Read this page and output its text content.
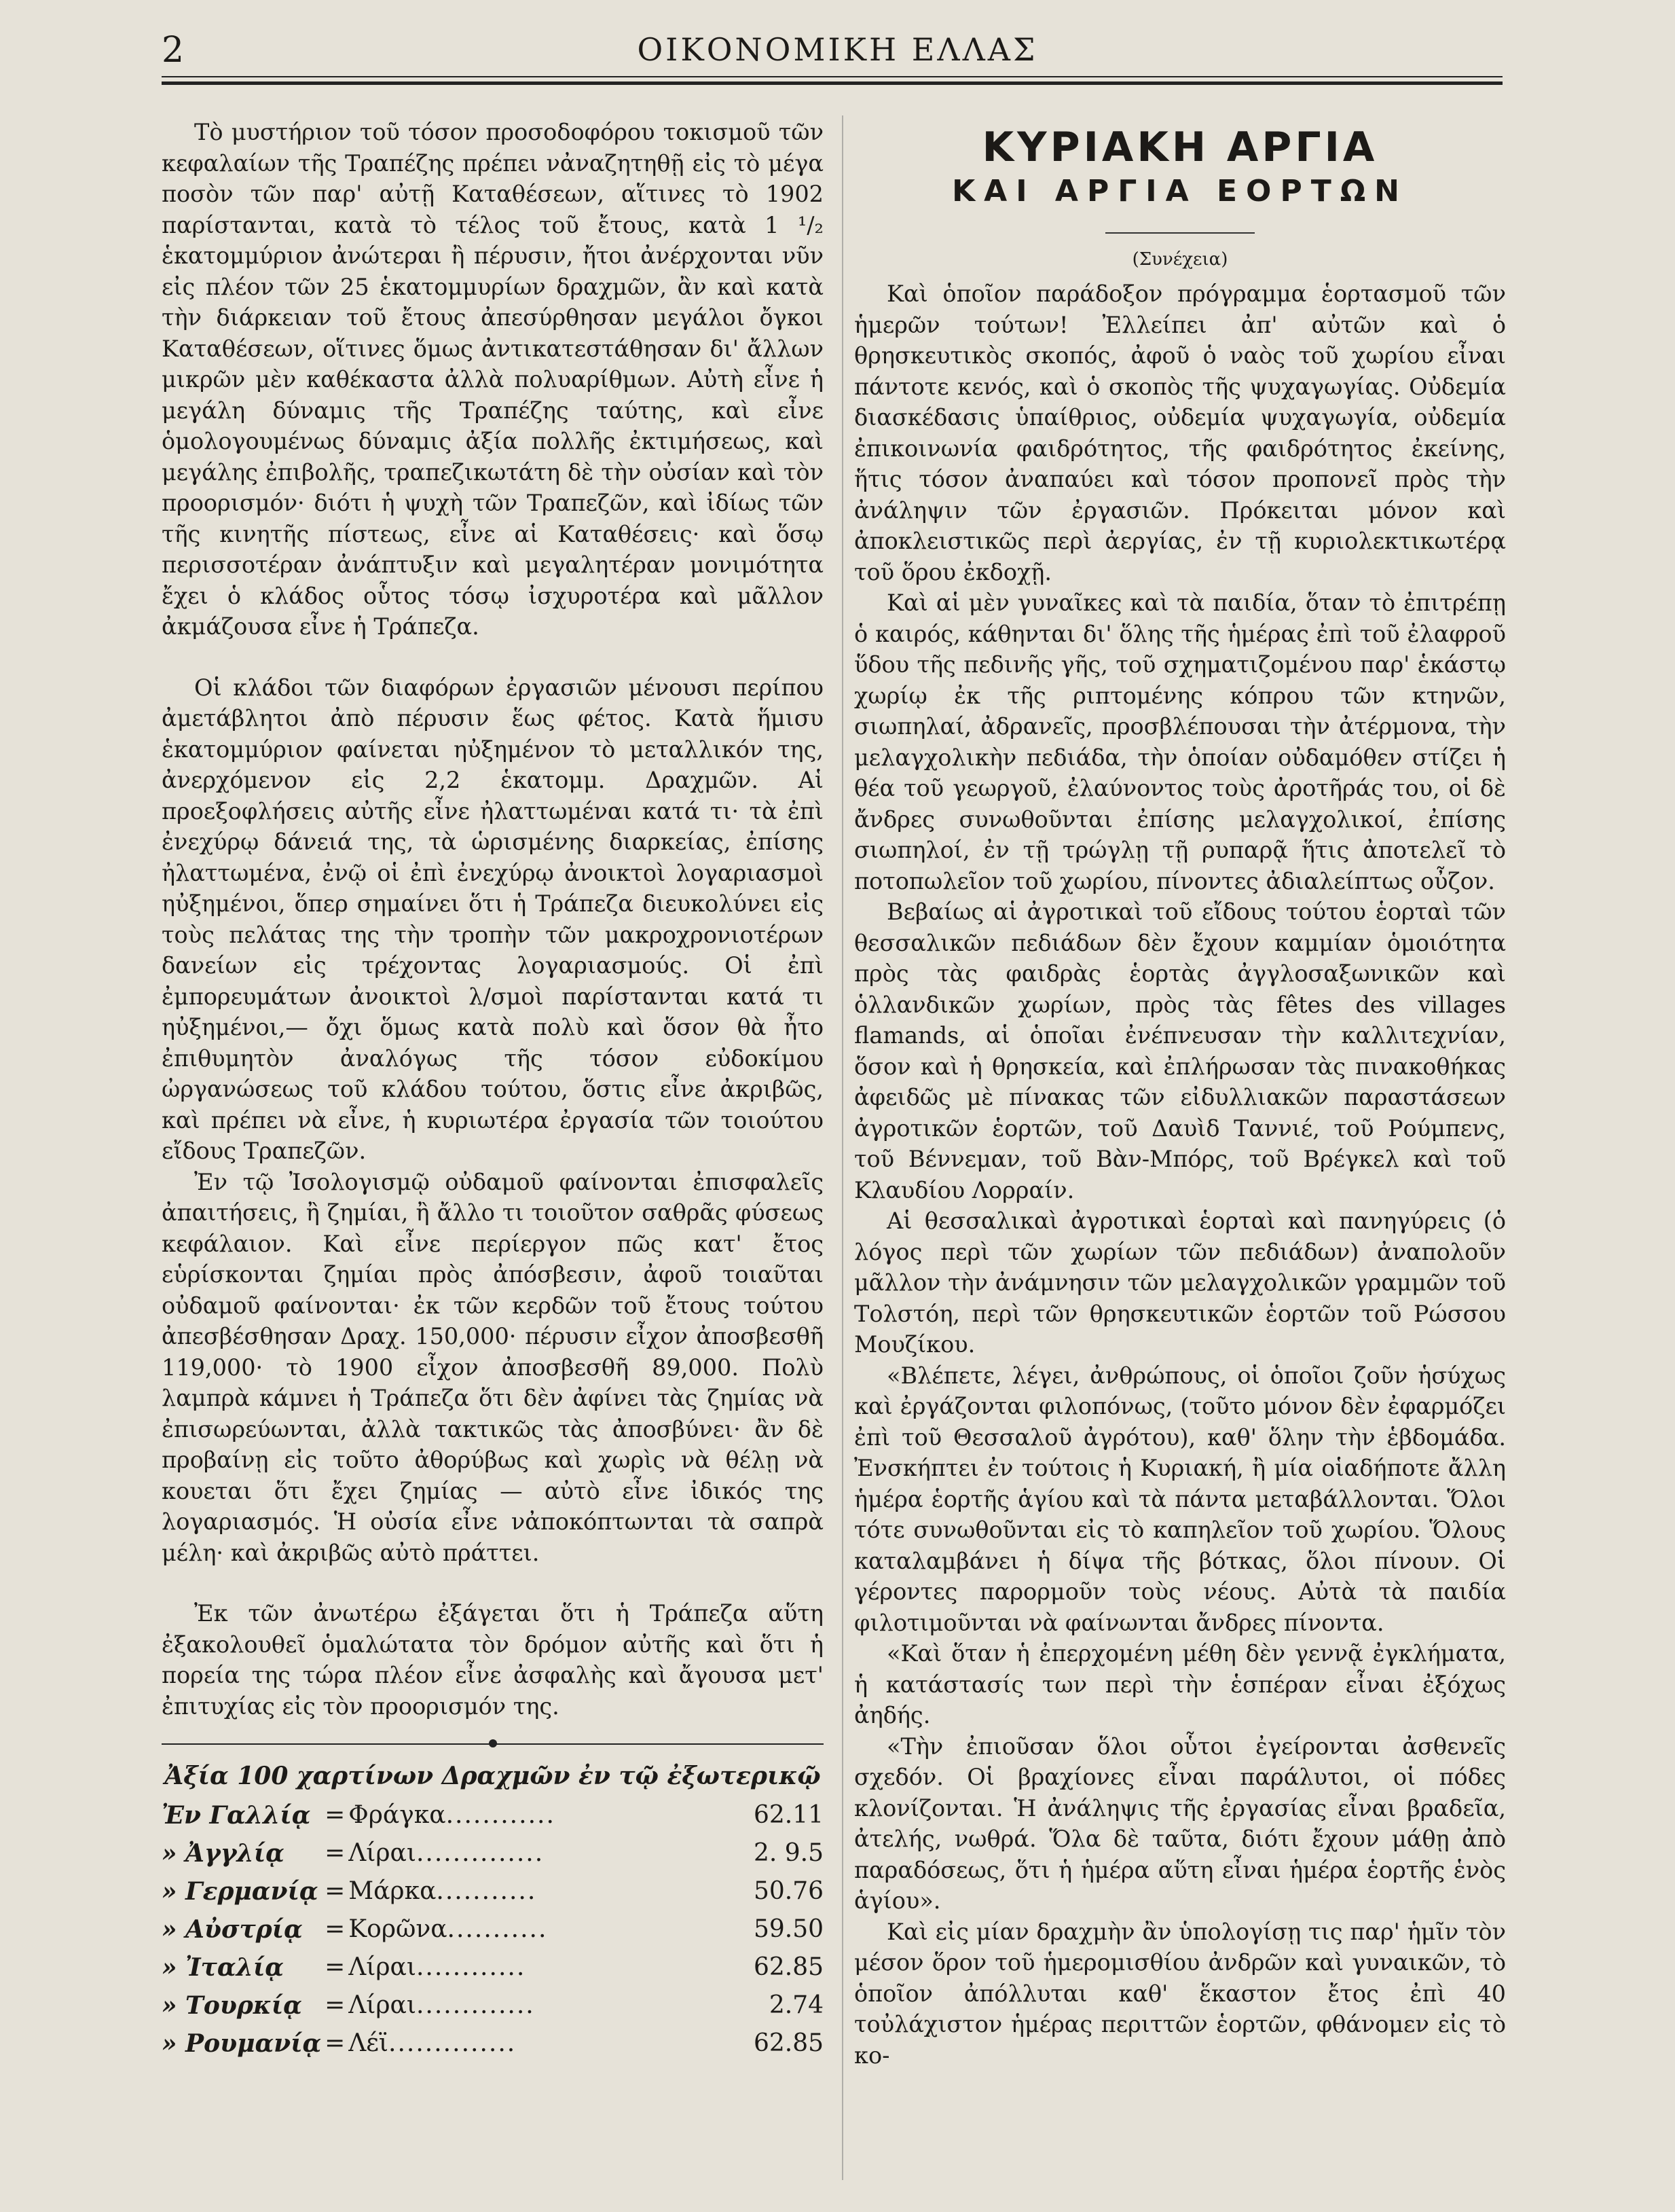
2	ΟΙΚΟΝΟΜΙΚΗ ΕΛΛΑΣ

Τὸ μυστήριον τοῦ τόσον προσοδοφόρου τοκισμοῦ τῶν κεφαλαίων τῆς Τραπέζης πρέπει νἀναζητηθῇ εἰς τὸ μέγα ποσὸν τῶν παρ' αὐτῇ Καταθέσεων, αἵτινες τὸ 1902 παρίστανται, κατὰ τὸ τέλος τοῦ ἔτους, κατὰ 1 ¹/₂ ἑκατομμύριον ἀνώτεραι ἢ πέρυσιν, ἤτοι ἀνέρχονται νῦν εἰς πλέον τῶν 25 ἑκατομμυρίων δραχμῶν, ἂν καὶ κατὰ τὴν διάρκειαν τοῦ ἔτους ἀπεσύρθησαν μεγάλοι ὄγκοι Καταθέσεων, οἵτινες ὅμως ἀντικατεστάθησαν δι' ἄλλων μικρῶν μὲν καθέκαστα ἀλλὰ πολυαρίθμων. Αὐτὴ εἶνε ἡ μεγάλη δύναμις τῆς Τραπέζης ταύτης, καὶ εἶνε ὁμολογουμένως δύναμις ἀξία πολλῆς ἐκτιμήσεως, καὶ μεγάλης ἐπιβολῆς, τραπεζικωτάτη δὲ τὴν οὐσίαν καὶ τὸν προορισμόν· διότι ἡ ψυχὴ τῶν Τραπεζῶν, καὶ ἰδίως τῶν τῆς κινητῆς πίστεως, εἶνε αἱ Καταθέσεις· καὶ ὅσῳ περισσοτέραν ἀνάπτυξιν καὶ μεγαλητέραν μονιμότητα ἔχει ὁ κλάδος οὗτος τόσῳ ἰσχυροτέρα καὶ μᾶλλον ἀκμάζουσα εἶνε ἡ Τράπεζα.

Οἱ κλάδοι τῶν διαφόρων ἐργασιῶν μένουσι περίπου ἀμετάβλητοι ἀπὸ πέρυσιν ἕως φέτος. Κατὰ ἥμισυ ἑκατομμύριον φαίνεται ηὐξημένον τὸ μεταλλικόν της, ἀνερχόμενον εἰς 2,2 ἑκατομμ. Δραχμῶν. Αἱ προεξοφλήσεις αὐτῆς εἶνε ἠλαττωμέναι κατά τι· τὰ ἐπὶ ἐνεχύρῳ δάνειά της, τὰ ὡρισμένης διαρκείας, ἐπίσης ἠλαττωμένα, ἐνῷ οἱ ἐπὶ ἐνεχύρῳ ἀνοικτοὶ λογαριασμοὶ ηὐξημένοι, ὅπερ σημαίνει ὅτι ἡ Τράπεζα διευκολύνει εἰς τοὺς πελάτας της τὴν τροπὴν τῶν μακροχρονιοτέρων δανείων εἰς τρέχοντας λογαριασμούς. Οἱ ἐπὶ ἐμπορευμάτων ἀνοικτοὶ λ/σμοὶ παρίστανται κατά τι ηὐξημένοι,— ὄχι ὅμως κατὰ πολὺ καὶ ὅσον θὰ ἦτο ἐπιθυμητὸν ἀναλόγως τῆς τόσον εὐδοκίμου ὠργανώσεως τοῦ κλάδου τούτου, ὅστις εἶνε ἀκριβῶς, καὶ πρέπει νὰ εἶνε, ἡ κυριωτέρα ἐργασία τῶν τοιούτου εἴδους Τραπεζῶν.

Ἐν τῷ Ἰσολογισμῷ οὐδαμοῦ φαίνονται ἐπισφαλεῖς ἀπαιτήσεις, ἢ ζημίαι, ἢ ἄλλο τι τοιοῦτον σαθρᾶς φύσεως κεφάλαιον. Καὶ εἶνε περίεργον πῶς κατ' ἔτος εὑρίσκονται ζημίαι πρὸς ἀπόσβεσιν, ἀφοῦ τοιαῦται οὐδαμοῦ φαίνονται· ἐκ τῶν κερδῶν τοῦ ἔτους τούτου ἀπεσβέσθησαν Δραχ. 150,000· πέρυσιν εἶχον ἀποσβεσθῆ 119,000· τὸ 1900 εἶχον ἀποσβεσθῆ 89,000. Πολὺ λαμπρὰ κάμνει ἡ Τράπεζα ὅτι δὲν ἀφίνει τὰς ζημίας νὰ ἐπισωρεύωνται, ἀλλὰ τακτικῶς τὰς ἀποσβύνει· ἂν δὲ προβαίνῃ εἰς τοῦτο ἀθορύβως καὶ χωρὶς νὰ θέλῃ νὰ κουεται ὅτι ἔχει ζημίας — αὐτὸ εἶνε ἰδικός της λογαριασμός. Ἡ οὐσία εἶνε νἀποκόπτωνται τὰ σαπρὰ μέλη· καὶ ἀκριβῶς αὐτὸ πράττει.

Ἐκ τῶν ἀνωτέρω ἐξάγεται ὅτι ἡ Τράπεζα αὕτη ἐξακολουθεῖ ὁμαλώτατα τὸν δρόμον αὐτῆς καὶ ὅτι ἡ πορεία της τώρα πλέον εἶνε ἀσφαλὴς καὶ ἄγουσα μετ' ἐπιτυχίας εἰς τὸν προορισμόν της.

Ἀξία 100 χαρτίνων Δραχμῶν ἐν τῷ ἐξωτερικῷ
Ἐν Γαλλίᾳ	=	Φράγκα............	62.11
» Ἀγγλίᾳ	=	Λίραι..............	2. 9.5
» Γερμανίᾳ	=	Μάρκα...........	50.76
» Αὐστρίᾳ	=	Κορῶνα...........	59.50
» Ἰταλίᾳ	=	Λίραι............	62.85
» Τουρκίᾳ	=	Λίραι.............	2.74
» Ρουμανίᾳ	=	Λέϊ..............	62.85
ΚΥΡΙΑΚΗ ΑΡΓΙΑ
ΚΑΙ ΑΡΓΙΑ ΕΟΡΤΩΝ
(Συνέχεια)

Καὶ ὁποῖον παράδοξον πρόγραμμα ἑορτασμοῦ τῶν ἡμερῶν τούτων! Ἐλλείπει ἀπ' αὐτῶν καὶ ὁ θρησκευτικὸς σκοπός, ἀφοῦ ὁ ναὸς τοῦ χωρίου εἶναι πάντοτε κενός, καὶ ὁ σκοπὸς τῆς ψυχαγωγίας. Οὐδεμία διασκέδασις ὑπαίθριος, οὐδεμία ψυχαγωγία, οὐδεμία ἐπικοινωνία φαιδρότητος, τῆς φαιδρότητος ἐκείνης, ἥτις τόσον ἀναπαύει καὶ τόσον προπονεῖ πρὸς τὴν ἀνάληψιν τῶν ἐργασιῶν. Πρόκειται μόνον καὶ ἀποκλειστικῶς περὶ ἀεργίας, ἐν τῇ κυριολεκτικωτέρᾳ τοῦ ὅρου ἐκδοχῇ.

Καὶ αἱ μὲν γυναῖκες καὶ τὰ παιδία, ὅταν τὸ ἐπιτρέπῃ ὁ καιρός, κάθηνται δι' ὅλης τῆς ἡμέρας ἐπὶ τοῦ ἐλαφροῦ ὕδου τῆς πεδινῆς γῆς, τοῦ σχηματιζομένου παρ' ἑκάστῳ χωρίῳ ἐκ τῆς ριπτομένης κόπρου τῶν κτηνῶν, σιωπηλαί, ἀδρανεῖς, προσβλέπουσαι τὴν ἀτέρμονα, τὴν μελαγχολικὴν πεδιάδα, τὴν ὁποίαν οὐδαμόθεν στίζει ἡ θέα τοῦ γεωργοῦ, ἐλαύνοντος τοὺς ἀροτῆράς του, οἱ δὲ ἄνδρες συνωθοῦνται ἐπίσης μελαγχολικοί, ἐπίσης σιωπηλοί, ἐν τῇ τρώγλῃ τῇ ρυπαρᾷ ἥτις ἀποτελεῖ τὸ ποτοπωλεῖον τοῦ χωρίου, πίνοντες ἀδιαλείπτως οὖζον.

Βεβαίως αἱ ἀγροτικαὶ τοῦ εἴδους τούτου ἑορταὶ τῶν θεσσαλικῶν πεδιάδων δὲν ἔχουν καμμίαν ὁμοιότητα πρὸς τὰς φαιδρὰς ἑορτὰς ἀγγλοσαξωνικῶν καὶ ὁλλανδικῶν χωρίων, πρὸς τὰς fêtes des villages flamands, αἱ ὁποῖαι ἐνέπνευσαν τὴν καλλιτεχνίαν, ὅσον καὶ ἡ θρησκεία, καὶ ἐπλήρωσαν τὰς πινακοθήκας ἀφειδῶς μὲ πίνακας τῶν εἰδυλλιακῶν παραστάσεων ἀγροτικῶν ἑορτῶν, τοῦ Δαυὶδ Ταννιέ, τοῦ Ρούμπενς, τοῦ Βέννεμαν, τοῦ Βὰν-Μπόρς, τοῦ Βρέγκελ καὶ τοῦ Κλαυδίου Λορραίν.

Αἱ θεσσαλικαὶ ἀγροτικαὶ ἑορταὶ καὶ πανηγύρεις (ὁ λόγος περὶ τῶν χωρίων τῶν πεδιάδων) ἀναπολοῦν μᾶλλον τὴν ἀνάμνησιν τῶν μελαγχολικῶν γραμμῶν τοῦ Τολστόη, περὶ τῶν θρησκευτικῶν ἑορτῶν τοῦ Ρώσσου Μουζίκου.

«Βλέπετε, λέγει, ἀνθρώπους, οἱ ὁποῖοι ζοῦν ἡσύχως καὶ ἐργάζονται φιλοπόνως, (τοῦτο μόνον δὲν ἐφαρμόζει ἐπὶ τοῦ Θεσσαλοῦ ἀγρότου), καθ' ὅλην τὴν ἑβδομάδα. Ἐνσκήπτει ἐν τούτοις ἡ Κυριακή, ἢ μία οἱαδήποτε ἄλλη ἡμέρα ἑορτῆς ἁγίου καὶ τὰ πάντα μεταβάλλονται. Ὅλοι τότε συνωθοῦνται εἰς τὸ καπηλεῖον τοῦ χωρίου. Ὅλους καταλαμβάνει ἡ δίψα τῆς βότκας, ὅλοι πίνουν. Οἱ γέροντες παρορμοῦν τοὺς νέους. Αὐτὰ τὰ παιδία φιλοτιμοῦνται νὰ φαίνωνται ἄνδρες πίνοντα.

«Καὶ ὅταν ἡ ἐπερχομένη μέθη δὲν γεννᾷ ἐγκλήματα, ἡ κατάστασίς των περὶ τὴν ἑσπέραν εἶναι ἐξόχως ἀηδής.

«Τὴν ἐπιοῦσαν ὅλοι οὗτοι ἐγείρονται ἀσθενεῖς σχεδόν. Οἱ βραχίονες εἶναι παράλυτοι, οἱ πόδες κλονίζονται. Ἡ ἀνάληψις τῆς ἐργασίας εἶναι βραδεῖα, ἀτελής, νωθρά. Ὅλα δὲ ταῦτα, διότι ἔχουν μάθῃ ἀπὸ παραδόσεως, ὅτι ἡ ἡμέρα αὕτη εἶναι ἡμέρα ἑορτῆς ἑνὸς ἁγίου».

Καὶ εἰς μίαν δραχμὴν ἂν ὑπολογίσῃ τις παρ' ἡμῖν τὸν μέσον ὅρον τοῦ ἡμερομισθίου ἀνδρῶν καὶ γυναικῶν, τὸ ὁποῖον ἀπόλλυται καθ' ἕκαστον ἔτος ἐπὶ 40 τοὐλάχιστον ἡμέρας περιττῶν ἑορτῶν, φθάνομεν εἰς τὸ κο-
